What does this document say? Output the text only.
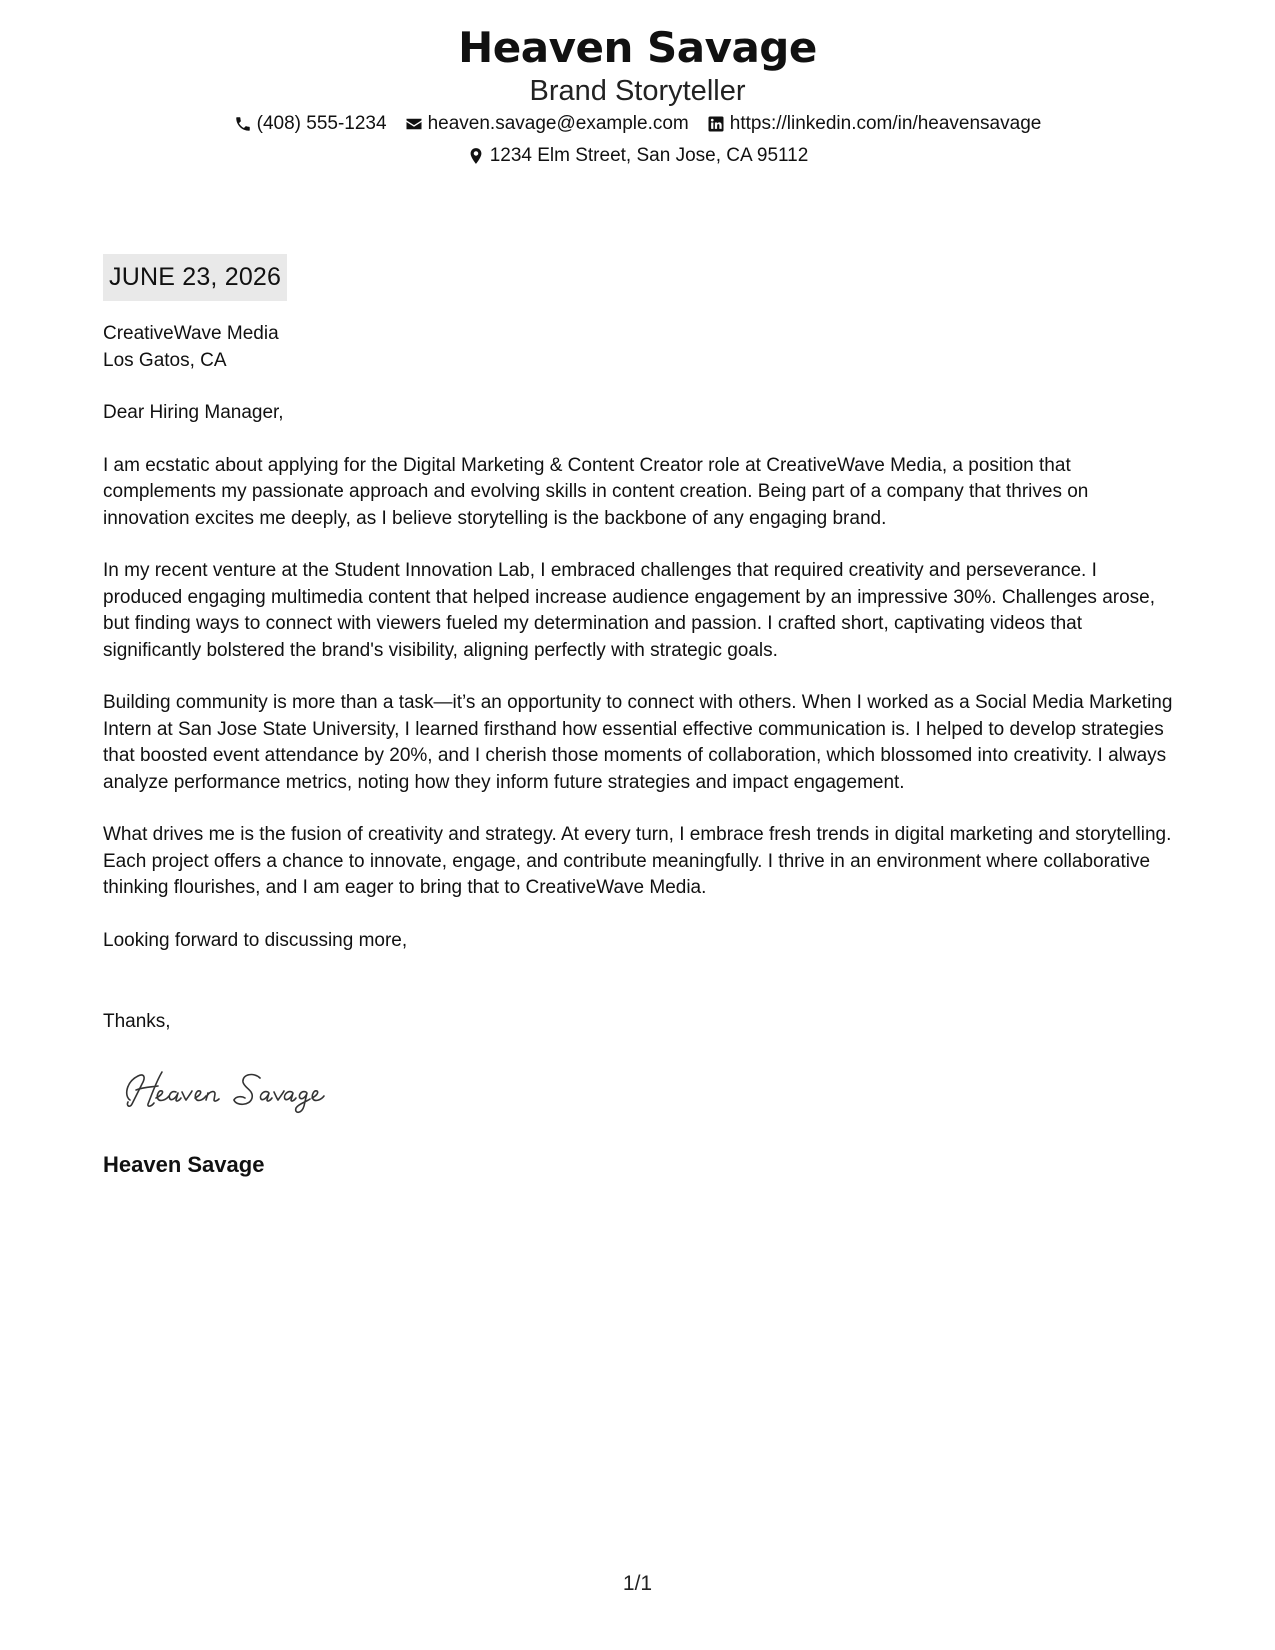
Heaven Savage
Brand Storyteller
(408) 555-1234 heaven.savage@example.com https://linkedin.com/in/heavensavage
1234 Elm Street, San Jose, CA 95112
JUNE 23, 2026
CreativeWave Media
Los Gatos, CA

Dear Hiring Manager,

I am ecstatic about applying for the Digital Marketing & Content Creator role at CreativeWave Media, a position that complements my passionate approach and evolving skills in content creation. Being part of a company that thrives on innovation excites me deeply, as I believe storytelling is the backbone of any engaging brand.

In my recent venture at the Student Innovation Lab, I embraced challenges that required creativity and perseverance. I produced engaging multimedia content that helped increase audience engagement by an impressive 30%. Challenges arose, but finding ways to connect with viewers fueled my determination and passion. I crafted short, captivating videos that significantly bolstered the brand's visibility, aligning perfectly with strategic goals.

Building community is more than a task—it’s an opportunity to connect with others. When I worked as a Social Media Marketing Intern at San Jose State University, I learned firsthand how essential effective communication is. I helped to develop strategies that boosted event attendance by 20%, and I cherish those moments of collaboration, which blossomed into creativity. I always analyze performance metrics, noting how they inform future strategies and impact engagement.

What drives me is the fusion of creativity and strategy. At every turn, I embrace fresh trends in digital marketing and storytelling. Each project offers a chance to innovate, engage, and contribute meaningfully. I thrive in an environment where collaborative thinking flourishes, and I am eager to bring that to CreativeWave Media.

Looking forward to discussing more,

Thanks,
Heaven Savage
1/1
